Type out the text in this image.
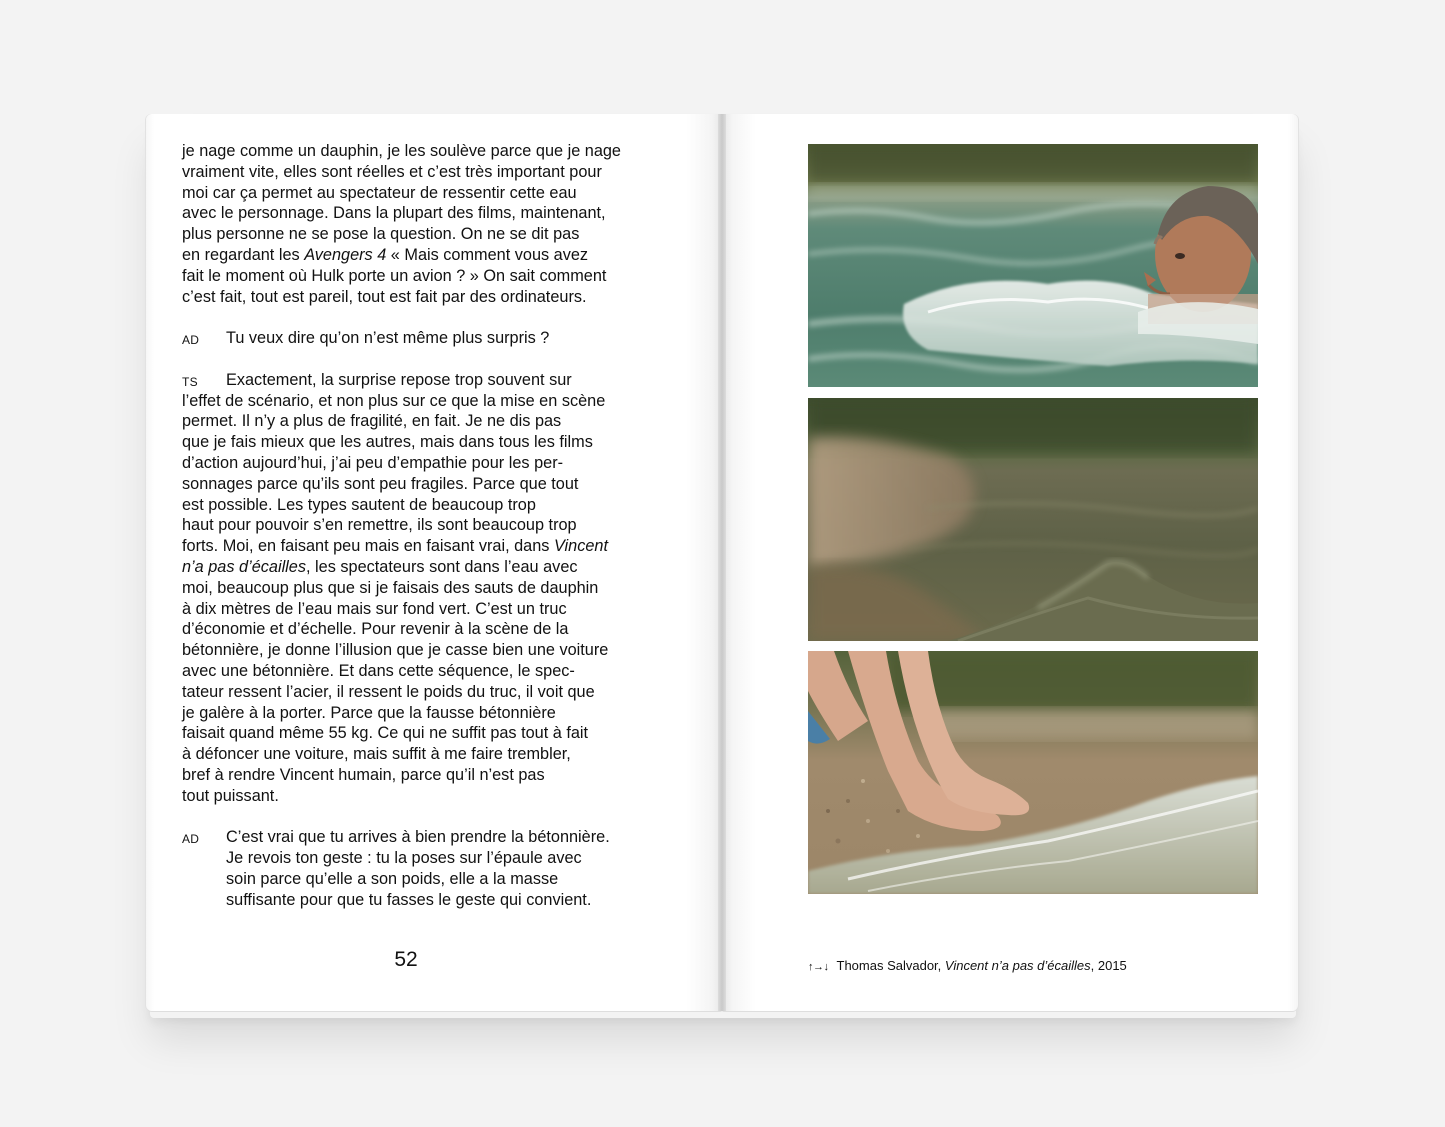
je nage comme un dauphin, je les soulève parce que je nage
vraiment vite, elles sont réelles et c’est très important pour
moi car ça permet au spectateur de ressentir cette eau
avec le personnage. Dans la plupart des films, maintenant,
plus personne ne se pose la question. On ne se dit pas
en regardant les Avengers 4 « Mais comment vous avez
fait le moment où Hulk porte un avion ? » On sait comment
c’est fait, tout est pareil, tout est fait par des ordinateurs.
AD Tu veux dire qu’on n’est même plus surpris ?
TS	Exactement, la surprise repose trop souvent sur
l’effet de scénario, et non plus sur ce que la mise en scène
permet. Il n’y a plus de fragilité, en fait. Je ne dis pas
que je fais mieux que les autres, mais dans tous les films
d’action aujourd’hui, j’ai peu d’empathie pour les per-
sonnages parce qu’ils sont peu fragiles. Parce que tout
est possible. Les types sautent de beaucoup trop
haut pour pouvoir s’en remettre, ils sont beaucoup trop
forts. Moi, en faisant peu mais en faisant vrai, dans Vincent
n’a pas d’écailles, les spectateurs sont dans l’eau avec
moi, beaucoup plus que si je faisais des sauts de dauphin
à dix mètres de l’eau mais sur fond vert. C’est un truc
d’économie et d’échelle. Pour revenir à la scène de la
bétonnière, je donne l’illusion que je casse bien une voiture
avec une bétonnière. Et dans cette séquence, le spec-
tateur ressent l’acier, il ressent le poids du truc, il voit que
je galère à la porter. Parce que la fausse bétonnière
faisait quand même 55 kg. Ce qui ne suffit pas tout à fait
à défoncer une voiture, mais suffit à me faire trembler,
bref à rendre Vincent humain, parce qu’il n’est pas
tout puissant.
AD C’est vrai que tu arrives à bien prendre la bétonnière.
Je revois ton geste : tu la poses sur l’épaule avec
soin parce qu’elle a son poids, elle a la masse
suffisante pour que tu fasses le geste qui convient.
52	↑→↓ Thomas Salvador, Vincent n’a pas d’écailles, 2015
